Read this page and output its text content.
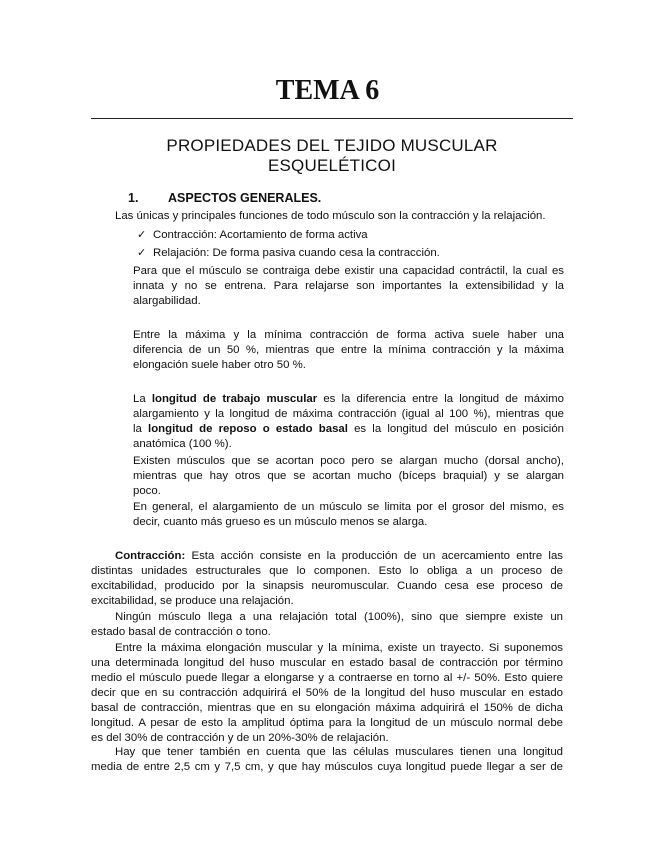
TEMA 6
PROPIEDADES DEL TEJIDO MUSCULAR
ESQUELÉTICOI
1. ASPECTOS GENERALES.
Las únicas y principales funciones de todo músculo son la contracción y la relajación.
✓ Contracción: Acortamiento de forma activa
✓ Relajación: De forma pasiva cuando cesa la contracción.
Para que el músculo se contraiga debe existir una capacidad contráctil, la cual es
innata y no se entrena. Para relajarse son importantes la extensibilidad y la
alargabilidad.
Entre la máxima y la mínima contracción de forma activa suele haber una
diferencia de un 50 %, mientras que entre la mínima contracción y la máxima
elongación suele haber otro 50 %.
La longitud de trabajo muscular es la diferencia entre la longitud de máximo
alargamiento y la longitud de máxima contracción (igual al 100 %), mientras que
la longitud de reposo o estado basal es la longitud del músculo en posición
anatómica (100 %).
Existen músculos que se acortan poco pero se alargan mucho (dorsal ancho),
mientras que hay otros que se acortan mucho (bíceps braquial) y se alargan
poco.
En general, el alargamiento de un músculo se limita por el grosor del mismo, es
decir, cuanto más grueso es un músculo menos se alarga.
Contracción: Esta acción consiste en la producción de un acercamiento entre las
distintas unidades estructurales que lo componen. Esto lo obliga a un proceso de
excitabilidad, producido por la sinapsis neuromuscular. Cuando cesa ese proceso de
excitabilidad, se produce una relajación.
Ningún músculo llega a una relajación total (100%), sino que siempre existe un
estado basal de contracción o tono.
Entre la máxima elongación muscular y la mínima, existe un trayecto. Si suponemos
una determinada longitud del huso muscular en estado basal de contracción por término
medio el músculo puede llegar a elongarse y a contraerse en torno al +/- 50%. Esto quiere
decir que en su contracción adquirirá el 50% de la longitud del huso muscular en estado
basal de contracción, mientras que en su elongación máxima adquirirá el 150% de dicha
longitud. A pesar de esto la amplitud óptima para la longitud de un músculo normal debe
es del 30% de contracción y de un 20%-30% de relajación.
Hay que tener también en cuenta que las células musculares tienen una longitud
media de entre 2,5 cm y 7,5 cm, y que hay músculos cuya longitud puede llegar a ser de
